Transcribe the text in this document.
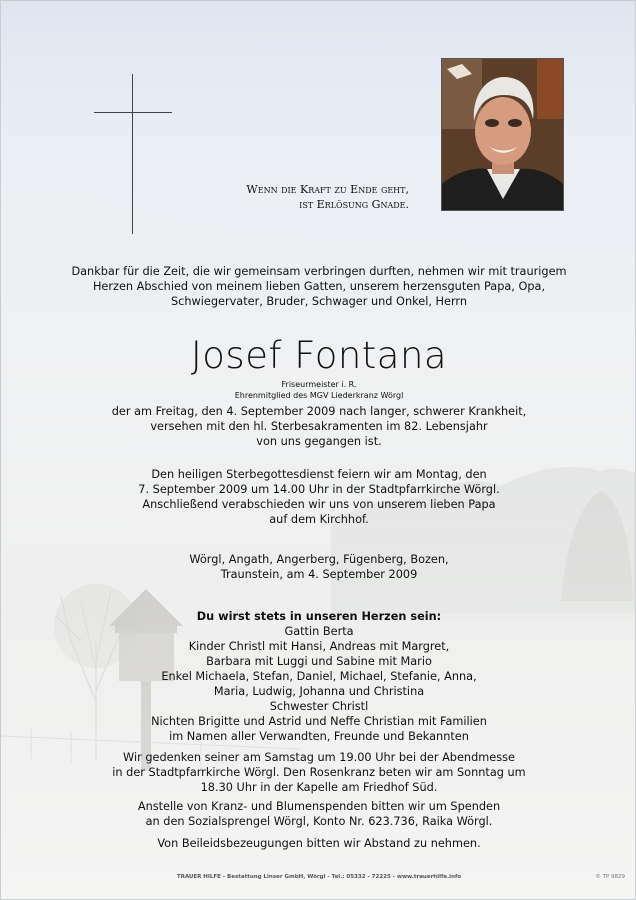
Wenn die Kraft zu Ende geht,
ist Erlösung Gnade.
Dankbar für die Zeit, die wir gemeinsam verbringen durften, nehmen wir mit traurigem
Herzen Abschied von meinem lieben Gatten, unserem herzensguten Papa, Opa,
Schwiegervater, Bruder, Schwager und Onkel, Herrn
Josef Fontana
Friseurmeister i. R.
Ehrenmitglied des MGV Liederkranz Wörgl
der am Freitag, den 4. September 2009 nach langer, schwerer Krankheit,
versehen mit den hl. Sterbesakramenten im 82. Lebensjahr
von uns gegangen ist.
Den heiligen Sterbegottesdienst feiern wir am Montag, den
7. September 2009 um 14.00 Uhr in der Stadtpfarrkirche Wörgl.
Anschließend verabschieden wir uns von unserem lieben Papa
auf dem Kirchhof.
Wörgl, Angath, Angerberg, Fügenberg, Bozen,
Traunstein, am 4. September 2009
Du wirst stets in unseren Herzen sein:
Gattin Berta
Kinder Christl mit Hansi, Andreas mit Margret,
Barbara mit Luggi und Sabine mit Mario
Enkel Michaela, Stefan, Daniel, Michael, Stefanie, Anna,
Maria, Ludwig, Johanna und Christina
Schwester Christl
Nichten Brigitte und Astrid und Neffe Christian mit Familien
im Namen aller Verwandten, Freunde und Bekannten
Wir gedenken seiner am Samstag um 19.00 Uhr bei der Abendmesse
in der Stadtpfarrkirche Wörgl. Den Rosenkranz beten wir am Sonntag um
18.30 Uhr in der Kapelle am Friedhof Süd.
Anstelle von Kranz- und Blumenspenden bitten wir um Spenden
an den Sozialsprengel Wörgl, Konto Nr. 623.736, Raika Wörgl.
Von Beileidsbezeugungen bitten wir Abstand zu nehmen.
TRAUER HILFE - Bestattung Linser GmbH, Wörgl - Tel.: 05332 - 72225 - www.trauerhilfe.info	© TP 9829
